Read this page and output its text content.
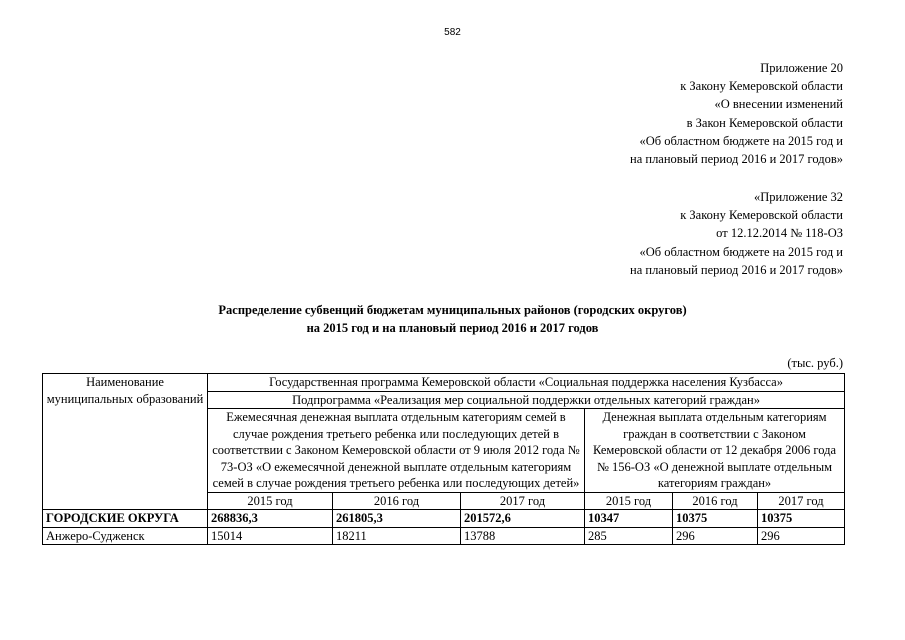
582
Приложение 20
к Закону Кемеровской области
«О внесении изменений
в Закон Кемеровской области
«Об областном бюджете на 2015 год и
на плановый период 2016 и 2017 годов»
«Приложение 32
к Закону Кемеровской области
от 12.12.2014 № 118-ОЗ
«Об областном бюджете на 2015 год и
на плановый период 2016 и 2017 годов»
Распределение субвенций бюджетам муниципальных районов (городских округов)
на 2015 год и на плановый период 2016 и 2017 годов
(тыс. руб.)
Наименование муниципальных образований	Государственная программа Кемеровской области «Социальная поддержка населения Кузбасса»					
	Подпрограмма «Реализация мер социальной поддержки отдельных категорий граждан»					
	Ежемесячная денежная выплата отдельным категориям семей в случае рождения третьего ребенка или последующих детей в соответствии с Законом Кемеровской области от 9 июля 2012 года № 73-ОЗ «О ежемесячной денежной выплате отдельным категориям семей в случае рождения третьего ребенка или последующих детей»			Денежная выплата отдельным категориям граждан в соответствии с Законом Кемеровской области от 12 декабря 2006 года № 156-ОЗ «О денежной выплате отдельным категориям граждан»		
	2015 год	2016 год	2017 год	2015 год	2016 год	2017 год
ГОРОДСКИЕ ОКРУГА	268836,3	261805,3	201572,6	10347	10375	10375
Анжеро-Судженск	15014	18211	13788	285	296	296
